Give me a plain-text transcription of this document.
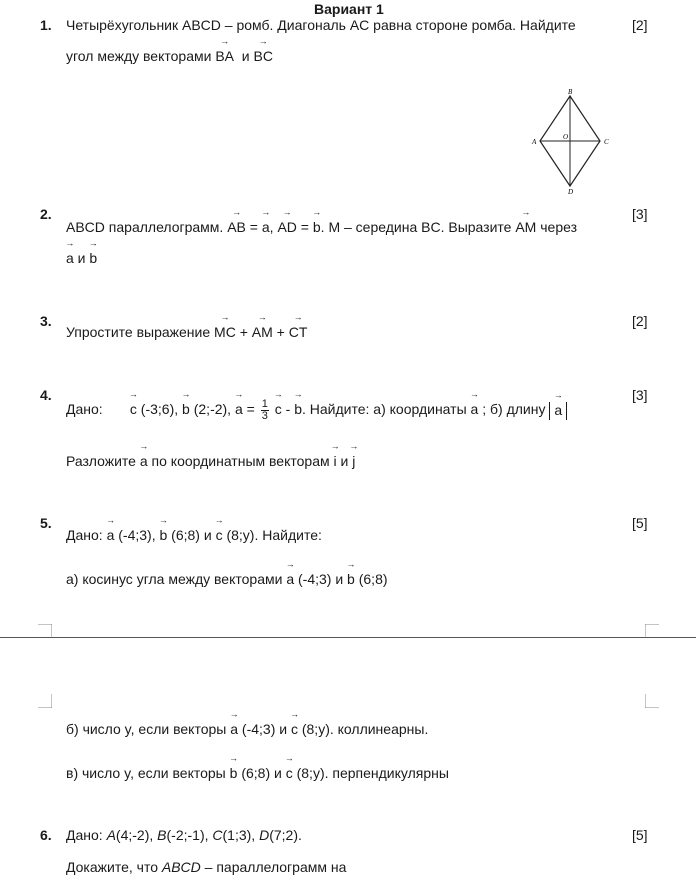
Вариант 1
1. Четырёхугольник ABCD – ромб. Диагональ AC равна стороне ромба. Найдите	[2]
угол между векторами → BA  и → BC
B
C
D
A
O
2.	[3]
ABCD параллелограмм. → AB = → a, → AD = → b. M – середина BC. Выразите → AM через
→ a и → b
3.	[2]
Упростите выражение → MC + → AM + → CT
4.	[3]
Дано:       → c (-3;6), → b (2;-2), → $a = \frac{1}{3}$
→ c - → b. Найдите: а) координаты → a ; б) длину → a
Разложите → a по координатным векторам → i и → j
5.	[5]
Дано: → a (-4;3), → b (6;8) и → c (8;y). Найдите:
а) косинус угла между векторами → a (-4;3) и → b (6;8)
б) число y, если векторы → a (-4;3) и → c (8;y). коллинеарны.
в) число y, если векторы → b (6;8) и → c (8;y). перпендикулярны
6.	[5]
Дано: A(4;-2), B(-2;-1), C(1;3), D(7;2).
Докажите, что ABCD – параллелограмм на
